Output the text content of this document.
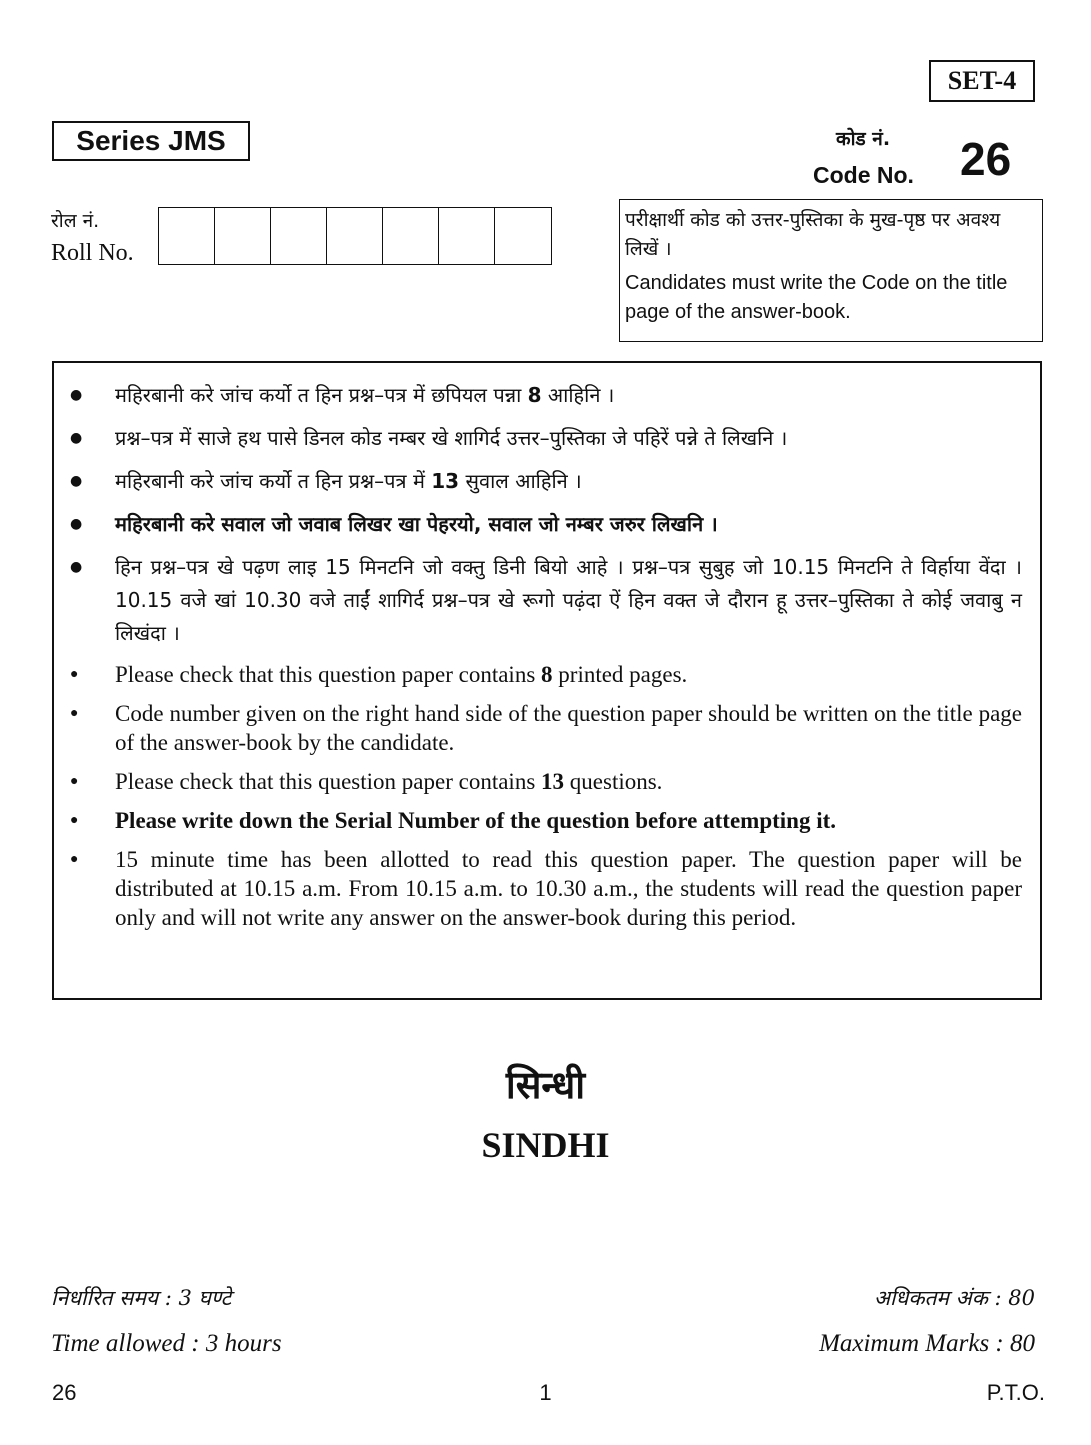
SET-4
Series JMS	कोड नं.
Code No. 26
रोल नं.
Roll No.
परीक्षार्थी कोड को उत्तर-पुस्तिका के मुख-पृष्ठ पर अवश्य लिखें ।
Candidates must write the Code on the title page of the answer-book.
● महिरबानी करे जांच कर्यो त हिन प्रश्न–पत्र में छपियल पन्ना 8 आहिनि ।
● प्रश्न–पत्र में साजे हथ पासे डिनल कोड नम्बर खे शागिर्द उत्तर–पुस्तिका जे पहिरें पन्ने ते लिखनि ।
● महिरबानी करे जांच कर्यो त हिन प्रश्न–पत्र में 13 सुवाल आहिनि ।
● महिरबानी करे सवाल जो जवाब लिखर खा पेहरयो, सवाल जो नम्बर जरुर लिखनि ।
● हिन प्रश्न–पत्र खे पढ़ण लाइ 15 मिनटनि जो वक्तु डिनी बियो आहे । प्रश्न–पत्र सुबुह जो 10.15 मिनटनि ते विर्हाया वेंदा । 10.15 वजे खां 10.30 वजे ताईं शागिर्द प्रश्न–पत्र खे रूगो पढ़ंदा ऐं हिन वक्त जे दौरान हू उत्तर–पुस्तिका ते कोई जवाबु न लिखंदा ।
● Please check that this question paper contains 8 printed pages.
● Code number given on the right hand side of the question paper should be written on the title page of the answer-book by the candidate.
● Please check that this question paper contains 13 questions.
● Please write down the Serial Number of the question before attempting it.
● 15 minute time has been allotted to read this question paper. The question paper will be distributed at 10.15 a.m. From 10.15 a.m. to 10.30 a.m., the students will read the question paper only and will not write any answer on the answer-book during this period.
सिन्धी
SINDHI
निर्धारित समय : 3 घण्टे
Time allowed : 3 hours
अधिकतम अंक : 80
Maximum Marks : 80
26	1	P.T.O.
